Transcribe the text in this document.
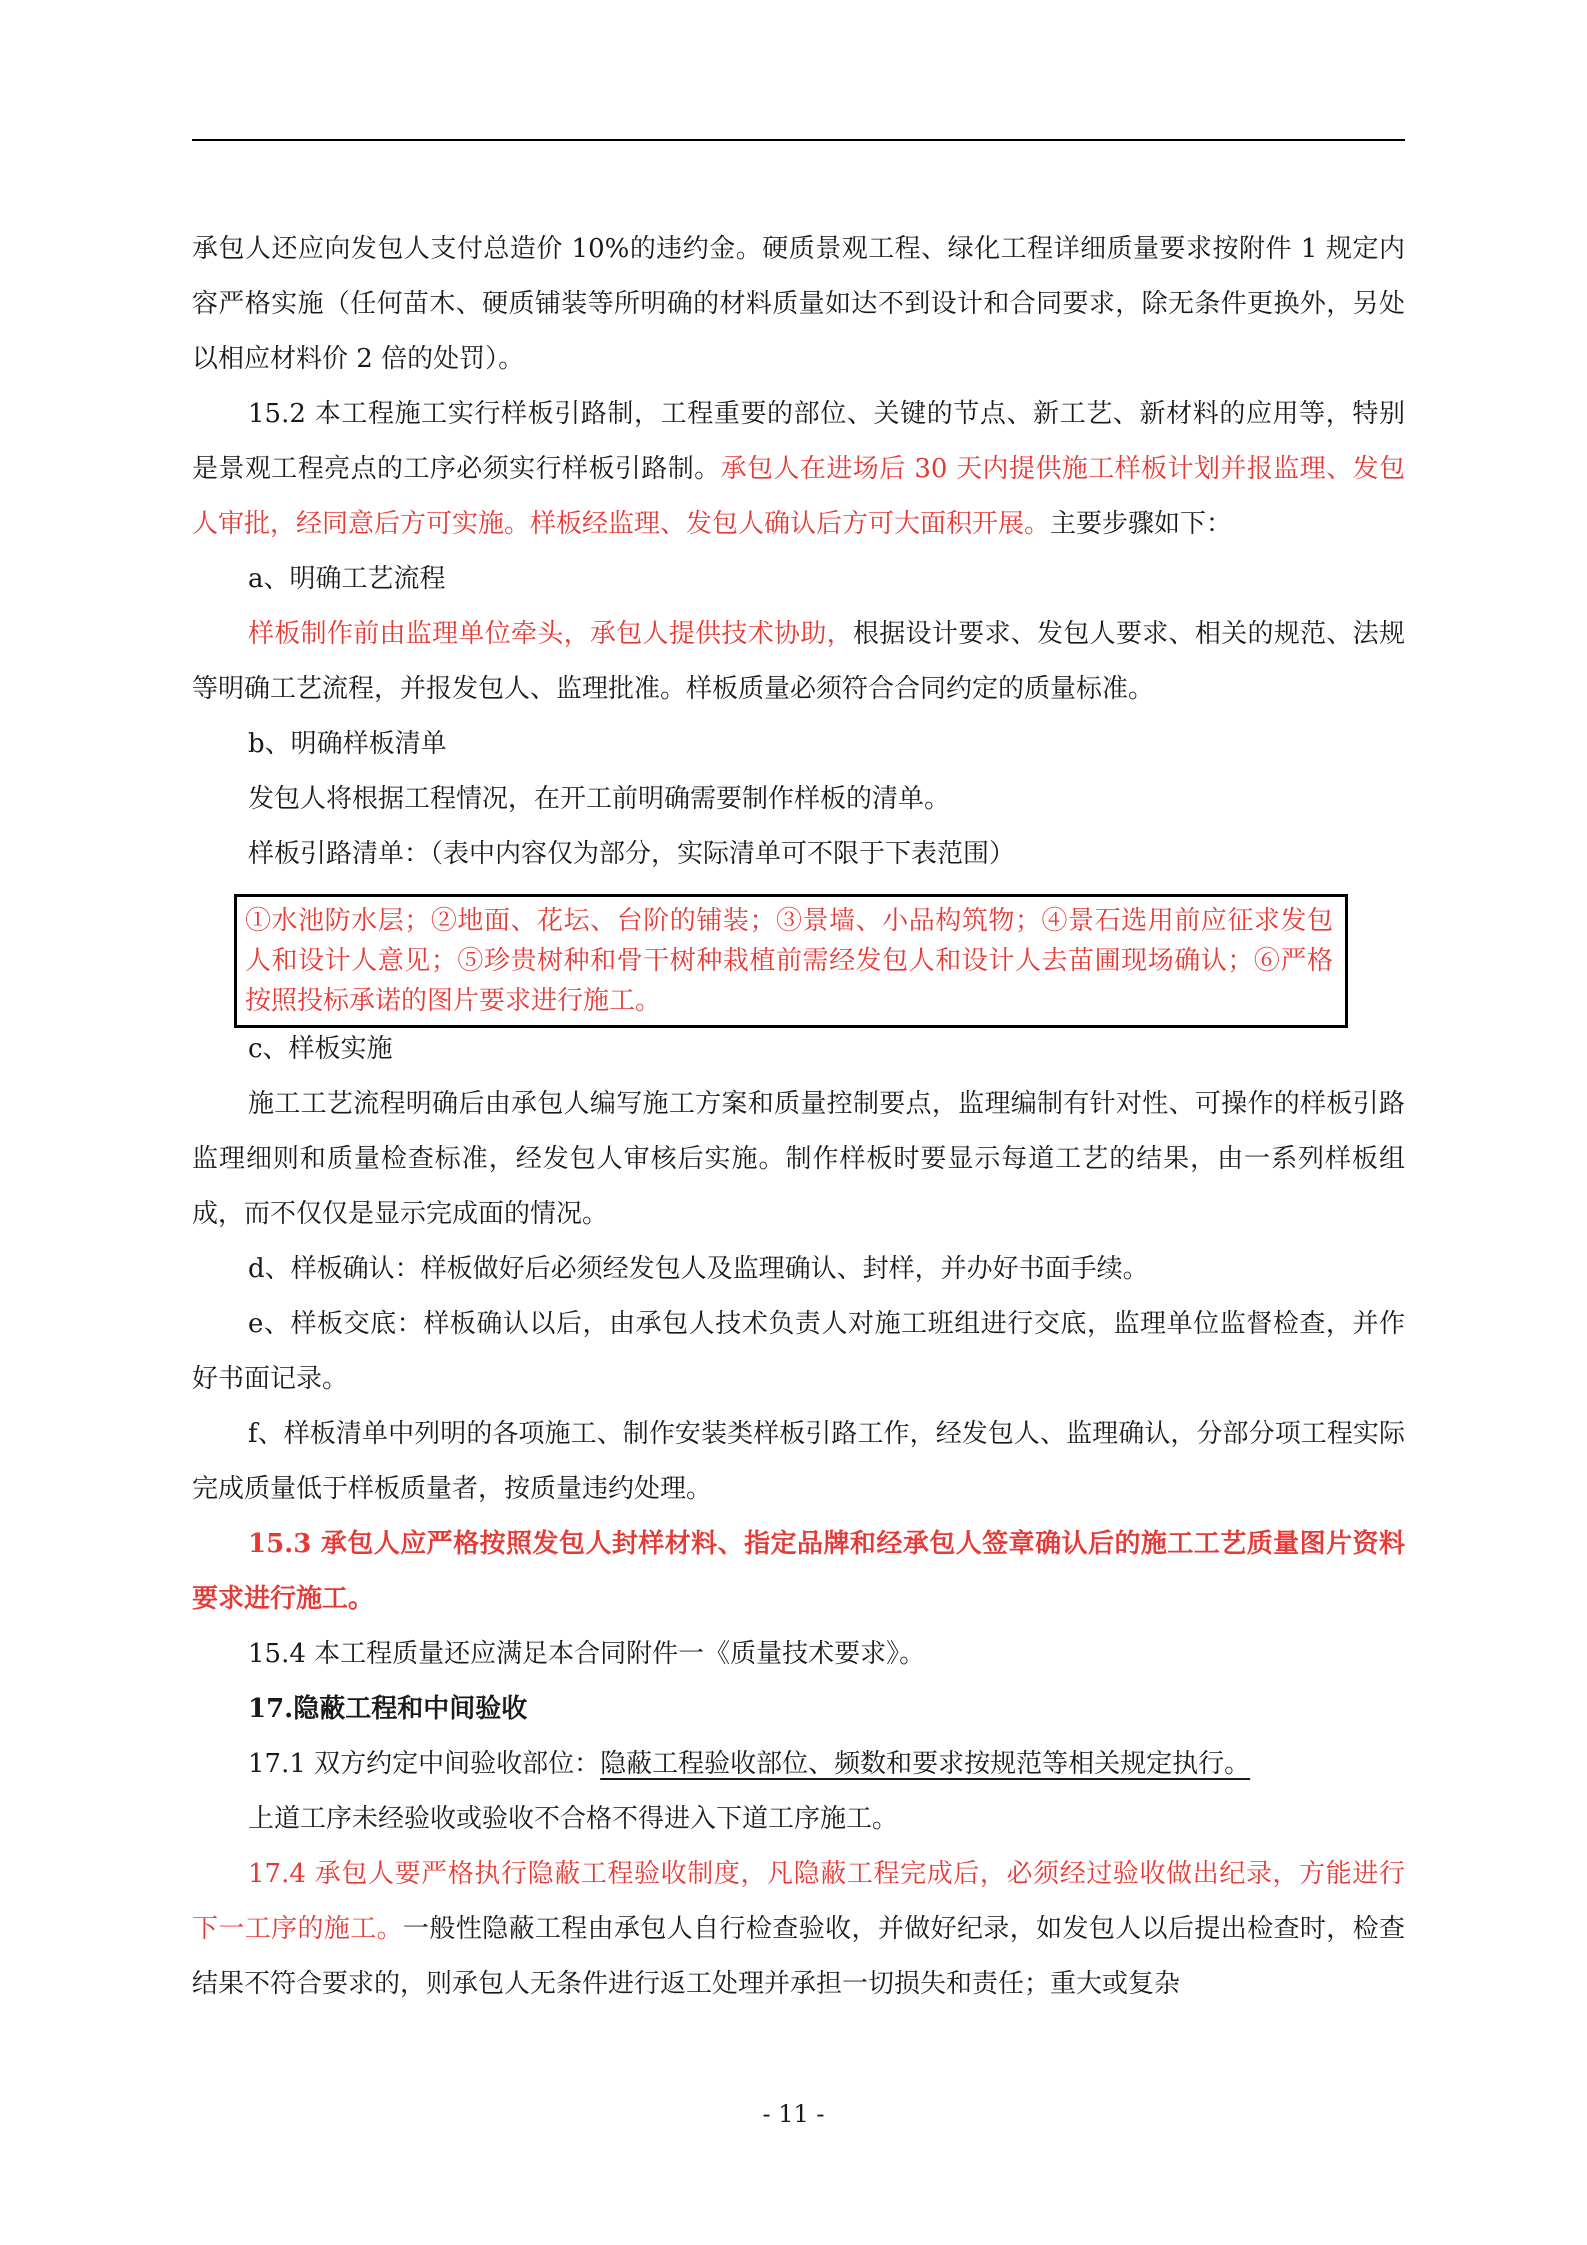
承包人还应向发包人支付总造价 10%的违约金。硬质景观工程、绿化工程详细质量要求按附件 1 规定内容严格实施（任何苗木、硬质铺装等所明确的材料质量如达不到设计和合同要求，除无条件更换外，另处以相应材料价 2 倍的处罚）。

15.2 本工程施工实行样板引路制，工程重要的部位、关键的节点、新工艺、新材料的应用等，特别是景观工程亮点的工序必须实行样板引路制。承包人在进场后 30 天内提供施工样板计划并报监理、发包人审批，经同意后方可实施。样板经监理、发包人确认后方可大面积开展。主要步骤如下：

a、明确工艺流程

样板制作前由监理单位牵头，承包人提供技术协助，根据设计要求、发包人要求、相关的规范、法规等明确工艺流程，并报发包人、监理批准。样板质量必须符合合同约定的质量标准。

b、明确样板清单

发包人将根据工程情况，在开工前明确需要制作样板的清单。

样板引路清单：（表中内容仅为部分，实际清单可不限于下表范围）

①水池防水层；②地面、花坛、台阶的铺装；③景墙、小品构筑物；④景石选用前应征求发包人和设计人意见；⑤珍贵树种和骨干树种栽植前需经发包人和设计人去苗圃现场确认；⑥严格按照投标承诺的图片要求进行施工。

c、样板实施

施工工艺流程明确后由承包人编写施工方案和质量控制要点，监理编制有针对性、可操作的样板引路监理细则和质量检查标准，经发包人审核后实施。制作样板时要显示每道工艺的结果，由一系列样板组成，而不仅仅是显示完成面的情况。

d、样板确认：样板做好后必须经发包人及监理确认、封样，并办好书面手续。

e、样板交底：样板确认以后，由承包人技术负责人对施工班组进行交底，监理单位监督检查，并作好书面记录。

f、样板清单中列明的各项施工、制作安装类样板引路工作，经发包人、监理确认，分部分项工程实际完成质量低于样板质量者，按质量违约处理。

15.3 承包人应严格按照发包人封样材料、指定品牌和经承包人签章确认后的施工工艺质量图片资料要求进行施工。

15.4 本工程质量还应满足本合同附件一《质量技术要求》。

17.隐蔽工程和中间验收

17.1 双方约定中间验收部位：隐蔽工程验收部位、频数和要求按规范等相关规定执行。

上道工序未经验收或验收不合格不得进入下道工序施工。

17.4 承包人要严格执行隐蔽工程验收制度，凡隐蔽工程完成后，必须经过验收做出纪录，方能进行下一工序的施工。一般性隐蔽工程由承包人自行检查验收，并做好纪录，如发包人以后提出检查时，检查结果不符合要求的，则承包人无条件进行返工处理并承担一切损失和责任；重大或复杂

- 11 -
